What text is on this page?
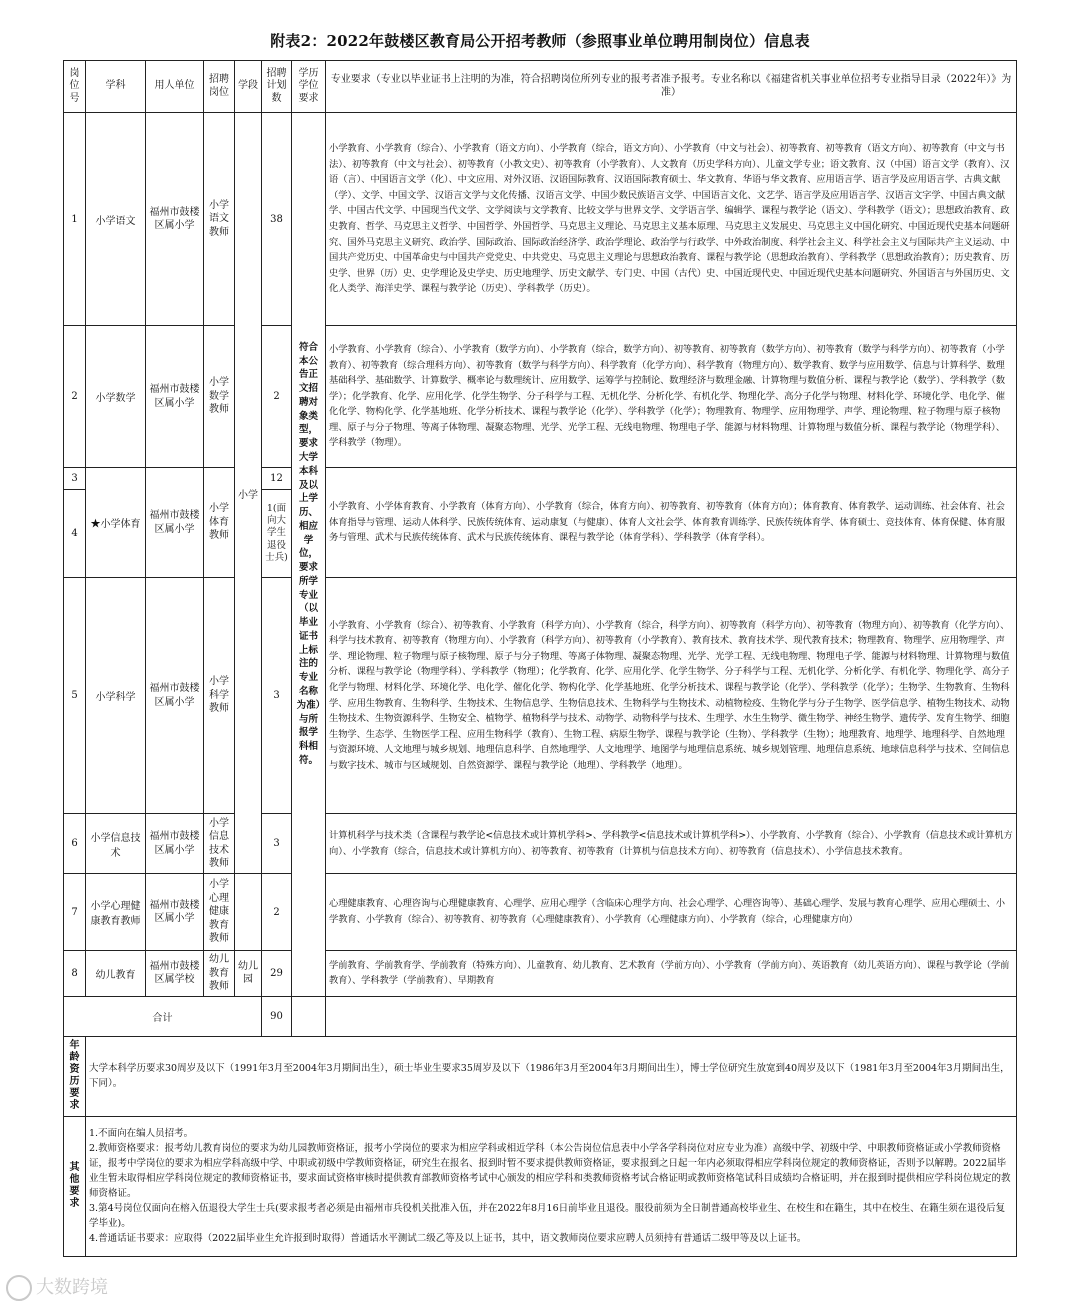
附表2：2022年鼓楼区教育局公开招考教师（参照事业单位聘用制岗位）信息表
岗位号	学科	用人单位	招聘岗位	学段	招聘计划数	学历学位要求	专业要求（专业以毕业证书上注明的为准，符合招聘岗位所列专业的报考者准予报考。专业名称以《福建省机关事业单位招考专业指导目录（2022年）》为准）
1	小学语文	福州市鼓楼区属小学	小学语文教师	小学	38	符合本公告正文招聘对象类型，要求大学本科及以上学历、相应学位，要求所学专业（以毕业证书上标注的专业名称为准）与所报学科相符。	小学教育、小学教育（综合）、小学教育（语文方向）、小学教育（综合，语文方向）、小学教育（中文与社会）、初等教育、初等教育（语文方向）、初等教育（中文与书法）、初等教育（中文与社会）、初等教育（小教文史）、初等教育（小学教育）、人文教育（历史学科方向）、儿童文学专业；语文教育、汉（中国）语言文学（教育）、汉语（言）、中国语言文学（化）、中文应用、对外汉语、汉语国际教育、汉语国际教育硕士、华文教育、华语与华文教育、应用语言学、语言学及应用语言学、古典文献（学）、文学、中国文学、汉语言文学与文化传播、汉语言文学、中国少数民族语言文学、中国语言文化、文艺学、语言学及应用语言学、汉语言文字学、中国古典文献学、中国古代文学、中国现当代文学、文学阅读与文学教育、比较文学与世界文学、文学语言学、编辑学、课程与教学论（语文）、学科教学（语文）；思想政治教育、政史教育、哲学、马克思主义哲学、中国哲学、外国哲学、马克思主义理论、马克思主义基本原理、马克思主义发展史、马克思主义中国化研究、中国近现代史基本问题研究、国外马克思主义研究、政治学、国际政治、国际政治经济学、政治学理论、政治学与行政学、中外政治制度、科学社会主义、科学社会主义与国际共产主义运动、中国共产党历史、中国革命史与中国共产党党史、中共党史、马克思主义理论与思想政治教育、课程与教学论（思想政治教育）、学科教学（思想政治教育）；历史教育、历史学、世界（历）史、史学理论及史学史、历史地理学、历史文献学、专门史、中国（古代）史、中国近现代史、中国近现代史基本问题研究、外国语言与外国历史、文化人类学、海洋史学、课程与教学论（历史）、学科教学（历史）。
2	小学数学	福州市鼓楼区属小学	小学数学教师		2		小学教育、小学教育（综合）、小学教育（数学方向）、小学教育（综合，数学方向）、初等教育、初等教育（数学方向）、初等教育（数学与科学方向）、初等教育（小学教育）、初等教育（综合理科方向）、初等教育（数学与科学方向）、科学教育（化学方向）、科学教育（物理方向）、数学教育、数学与应用数学、信息与计算科学、数理基础科学、基础数学、计算数学、概率论与数理统计、应用数学、运筹学与控制论、数理经济与数理金融、计算物理与数值分析、课程与教学论（数学）、学科教学（数学）；化学教育、化学、应用化学、化学生物学、分子科学与工程、无机化学、分析化学、有机化学、物理化学、高分子化学与物理、材料化学、环境化学、电化学、催化化学、物构化学、化学基地班、化学分析技术、课程与教学论（化学）、学科教学（化学）；物理教育、物理学、应用物理学、声学、理论物理、粒子物理与原子核物理、原子与分子物理、等离子体物理、凝聚态物理、光学、光学工程、无线电物理、物理电子学、能源与材料物理、计算物理与数值分析、课程与教学论（物理学科）、学科教学（物理）。
3	★小学体育	福州市鼓楼区属小学	小学体育教师		12		小学教育、小学体育教育、小学教育（体育方向）、小学教育（综合，体育方向）、初等教育、初等教育（体育方向）；体育教育、体育教学、运动训练、社会体育、社会体育指导与管理、运动人体科学、民族传统体育、运动康复（与健康）、体育人文社会学、体育教育训练学、民族传统体育学、体育硕士、竞技体育、体育保健、体育服务与管理、武术与民族传统体育、武术与民族传统体育、课程与教学论（体育学科）、学科教学（体育学科）。
4					1(面向大学生退役士兵)		
5	小学科学	福州市鼓楼区属小学	小学科学教师		3		小学教育、小学教育（综合）、初等教育、小学教育（科学方向）、小学教育（综合，科学方向）、初等教育（科学方向）、初等教育（物理方向）、初等教育（化学方向）、科学与技术教育、初等教育（物理方向）、小学教育（科学方向）、初等教育（小学教育）、教育技术、教育技术学、现代教育技术；物理教育、物理学、应用物理学、声学、理论物理、粒子物理与原子核物理、原子与分子物理、等离子体物理、凝聚态物理、光学、光学工程、无线电物理、物理电子学、能源与材料物理、计算物理与数值分析、课程与教学论（物理学科）、学科教学（物理）；化学教育、化学、应用化学、化学生物学、分子科学与工程、无机化学、分析化学、有机化学、物理化学、高分子化学与物理、材料化学、环境化学、电化学、催化化学、物构化学、化学基地班、化学分析技术、课程与教学论（化学）、学科教学（化学）；生物学、生物教育、生物科学、应用生物教育、生物科学、生物技术、生物信息学、生物信息技术、生物科学与生物技术、动植物检疫、生物化学与分子生物学、医学信息学、植物生物技术、动物生物技术、生物资源科学、生物安全、植物学、植物科学与技术、动物学、动物科学与技术、生理学、水生生物学、微生物学、神经生物学、遗传学、发育生物学、细胞生物学、生态学、生物医学工程、应用生物科学（教育）、生物工程、病原生物学、课程与教学论（生物）、学科教学（生物）；地理教育、地理学、地理科学、自然地理与资源环境、人文地理与城乡规划、地理信息科学、自然地理学、人文地理学、地图学与地理信息系统、城乡规划管理、地理信息系统、地球信息科学与技术、空间信息与数字技术、城市与区域规划、自然资源学、课程与教学论（地理）、学科教学（地理）。
6	小学信息技术	福州市鼓楼区属小学	小学信息技术教师		3		计算机科学与技术类（含课程与教学论<信息技术或计算机学科>、学科教学<信息技术或计算机学科>）、小学教育、小学教育（综合）、小学教育（信息技术或计算机方向）、小学教育（综合，信息技术或计算机方向）、初等教育、初等教育（计算机与信息技术方向）、初等教育（信息技术）、小学信息技术教育。
7	小学心理健康教育教师	福州市鼓楼区属小学	小学心理健康教育教师		2		心理健康教育、心理咨询与心理健康教育、心理学、应用心理学（含临床心理学方向、社会心理学、心理咨询等）、基础心理学、发展与教育心理学、应用心理硕士、小学教育、小学教育（综合）、初等教育、初等教育（心理健康教育）、小学教育（心理健康方向）、小学教育（综合，心理健康方向）
8	幼儿教育	福州市鼓楼区属学校	幼儿教育教师	幼儿园	29		学前教育、学前教育学、学前教育（特殊方向）、儿童教育、幼儿教育、艺术教育（学前方向）、小学教育（学前方向）、英语教育（幼儿英语方向）、课程与教学论（学前教育）、学科教学（学前教育）、早期教育
合计					90		
年龄资历要求	大学本科学历要求30周岁及以下（1991年3月至2004年3月期间出生），硕士毕业生要求35周岁及以下（1986年3月至2004年3月期间出生），博士学位研究生放宽到40周岁及以下（1981年3月至2004年3月期间出生，下同）。						
其他要求	1.不面向在编人员招考。
2.教师资格要求：报考幼儿教育岗位的要求为幼儿园教师资格证，报考小学岗位的要求为相应学科或相近学科（本公告岗位信息表中小学各学科岗位对应专业为准）高级中学、初级中学、中职教师资格证或小学教师资格证，报考中学岗位的要求为相应学科高级中学、中职或初级中学教师资格证，研究生在报名、报到时暂不要求提供教师资格证，要求报到之日起一年内必须取得相应学科岗位规定的教师资格证，否则予以解聘。2022届毕业生暂未取得相应学科岗位规定的教师资格证书，要求面试资格审核时提供教育部教师资格考试中心颁发的相应学科和类教师资格考试合格证明或教师资格笔试科目成绩均合格证明，并在报到时提供相应学科岗位规定的教师资格证。
3.第4号岗位仅面向在榕入伍退役大学生士兵(要求报考者必须是由福州市兵役机关批准入伍，并在2022年8月16日前毕业且退役。服役前须为全日制普通高校毕业生、在校生和在籍生，其中在校生、在籍生须在退役后复学毕业)。
4.普通话证书要求：应取得（2022届毕业生允许报到时取得）普通话水平测试二级乙等及以上证书，其中，语文教师岗位要求应聘人员须持有普通话二级甲等及以上证书。						
大数跨境
